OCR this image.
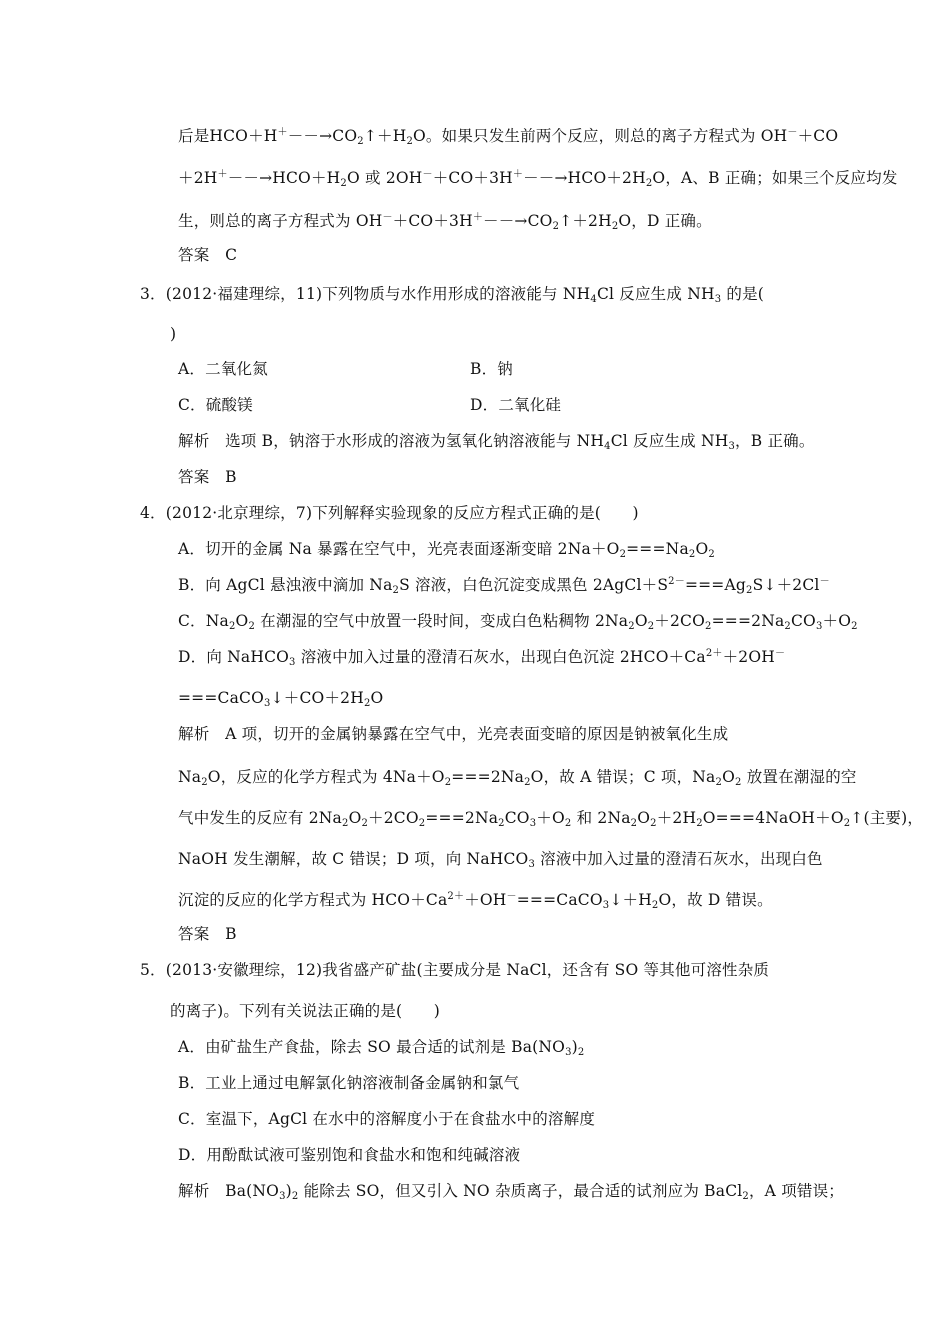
后是$HCO+H^+--\to CO_2↑+H_2O$。如果只发生前两个反应，则总的离子方程式为 OH－＋CO
$+2H^+--\to HCO+H_2O$ 或 $2OH^-+CO+3H^+--\to HCO+2H_2O$，A、B 正确；如果三个反应均发
生，则总的离子方程式为 $OH^-+CO+3H^+--\to CO_2↑+2H_2O$，D 正确。
答案　C
3．(2012·福建理综，11)下列物质与水作用形成的溶液能与 $NH_4Cl$ 反应生成 $NH_3$ 的是(
)
A．二氧化氮	B．钠
C．硫酸镁	D．二氧化硅
解析　选项 B，钠溶于水形成的溶液为氢氧化钠溶液能与 $NH_4Cl$ 反应生成 $NH_3$，B 正确。
答案　B
4．(2012·北京理综，7)下列解释实验现象的反应方程式正确的是(　　)
A．切开的金属 Na 暴露在空气中，光亮表面逐渐变暗 $2Na+O_2===Na_2O_2$
B．向 AgCl 悬浊液中滴加 $Na_2S$ 溶液，白色沉淀变成黑色 $2AgCl+S^{2-}===Ag_2S↓+2Cl^-$
C．$Na_2O_2$ 在潮湿的空气中放置一段时间，变成白色粘稠物 $2Na_2O_2+2CO_2===2Na_2CO_3+O_2$
D．向 NaHCO$_3$ 溶液中加入过量的澄清石灰水，出现白色沉淀 $2HCO+Ca^{2+}+2OH^-$
$===CaCO_3↓+CO+2H_2O$
解析　A 项，切开的金属钠暴露在空气中，光亮表面变暗的原因是钠被氧化生成
$Na_2O$，反应的化学方程式为 $4Na+O_2===2Na_2O$，故 A 错误；C 项，$Na_2O_2$ 放置在潮湿的空
气中发生的反应有 $2Na_2O_2+2CO_2===2Na_2CO_3+O_2$ 和 $2Na_2O_2+2H_2O===4NaOH+O_2↑$(主要)，
NaOH 发生潮解，故 C 错误；D 项，向 NaHCO$_3$ 溶液中加入过量的澄清石灰水，出现白色
沉淀的反应的化学方程式为 $HCO+Ca^{2+}+OH^-===CaCO_3↓+H_2O$，故 D 错误。
答案　B
5．(2013·安徽理综，12)我省盛产矿盐(主要成分是 NaCl，还含有 SO 等其他可溶性杂质
的离子)。下列有关说法正确的是(　　)
A．由矿盐生产食盐，除去 SO 最合适的试剂是 $Ba(NO_3)_2$
B．工业上通过电解氯化钠溶液制备金属钠和氯气
C．室温下，AgCl 在水中的溶解度小于在食盐水中的溶解度
D．用酚酞试液可鉴别饱和食盐水和饱和纯碱溶液
解析　$Ba(NO_3)_2$ 能除去 SO，但又引入 NO 杂质离子，最合适的试剂应为 BaCl$_2$，A 项错误；
